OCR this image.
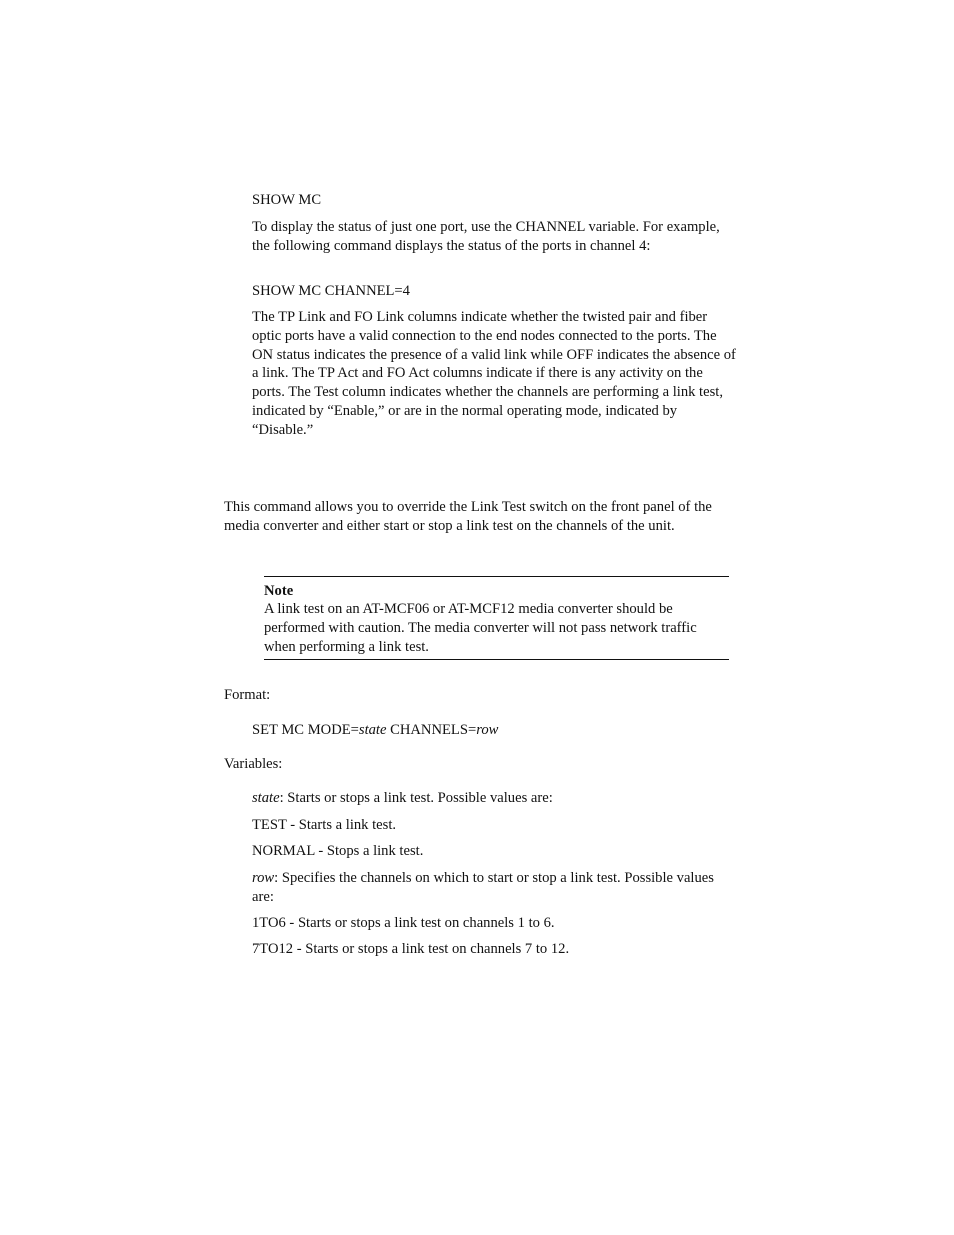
SHOW MC

To display the status of just one port, use the CHANNEL variable. For example, the following command displays the status of the ports in channel 4:

SHOW MC CHANNEL=4

The TP Link and FO Link columns indicate whether the twisted pair and fiber optic ports have a valid connection to the end nodes connected to the ports. The ON status indicates the presence of a valid link while OFF indicates the absence of a link. The TP Act and FO Act columns indicate if there is any activity on the ports. The Test column indicates whether the channels are performing a link test, indicated by “Enable,” or are in the normal operating mode, indicated by “Disable.”

This command allows you to override the Link Test switch on the front panel of the media converter and either start or stop a link test on the channels of the unit.

Note
A link test on an AT-MCF06 or AT-MCF12 media converter should be performed with caution. The media converter will not pass network traffic when performing a link test.

Format:

SET MC MODE=state CHANNELS=row

Variables:

state: Starts or stops a link test. Possible values are:

TEST - Starts a link test.

NORMAL - Stops a link test.

row: Specifies the channels on which to start or stop a link test. Possible values are:

1TO6 - Starts or stops a link test on channels 1 to 6.

7TO12 - Starts or stops a link test on channels 7 to 12.
